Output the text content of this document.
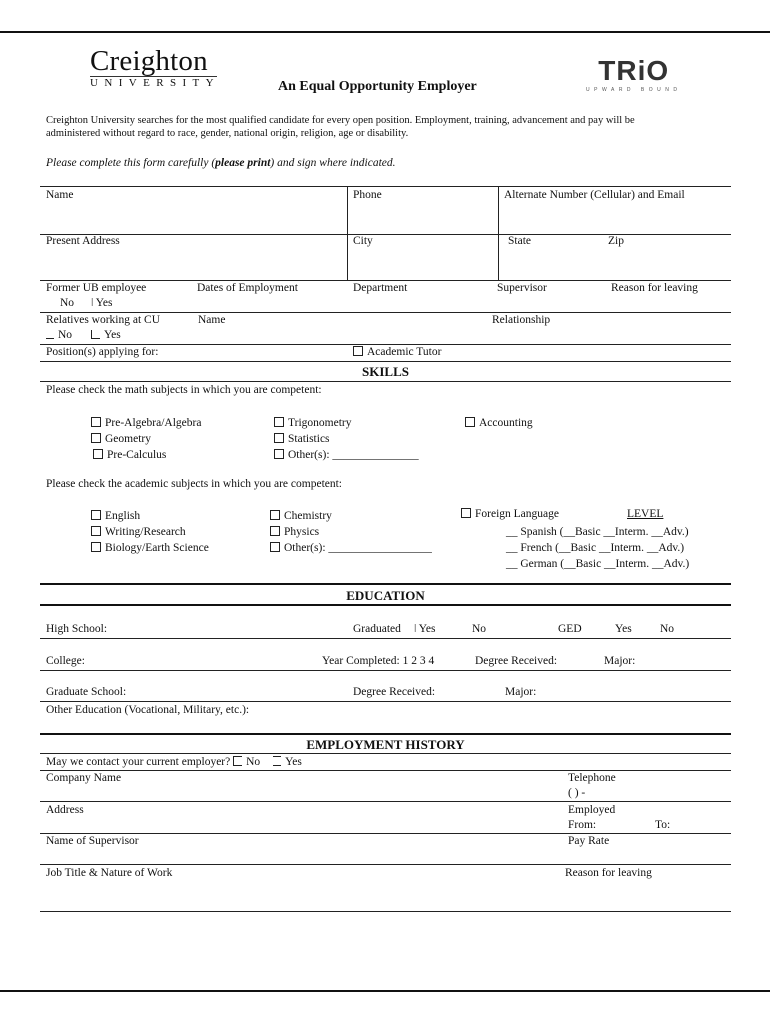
Creighton
UNIVERSITY	An Equal Opportunity Employer
TRiO
UPWARD BOUND
Creighton University searches for the most qualified candidate for every open position. Employment, training, advancement and pay will be
administered without regard to race, gender, national origin, religion, age or disability.
Please complete this form carefully (please print) and sign where indicated.
Name	Phone	Alternate Number (Cellular) and Email
Present Address	City	State	Zip
Former UB employee	Dates of Employment	Department	Supervisor	Reason for leaving
No ǀ Yes
Relatives working at CU	Name	Relationship
No	Yes
Position(s) applying for:	Academic Tutor
SKILLS
Please check the math subjects in which you are competent:
Pre-Algebra/Algebra
Geometry
Pre-Calculus
Trigonometry
Statistics
Other(s): _______________
Accounting
Please check the academic subjects in which you are competent:
English
Writing/Research
Biology/Earth Science
Chemistry
Physics
Other(s): __________________
Foreign Language	LEVEL
__ Spanish (__Basic __Interm. __Adv.)
__ French (__Basic __Interm. __Adv.)
__ German (__Basic __Interm. __Adv.)
EDUCATION
High School:	Graduated ǀ Yes	No	GED	Yes No
College:	Year Completed: 1 2 3 4	Degree Received:	Major:
Graduate School:	Degree Received:	Major:
Other Education (Vocational, Military, etc.):
EMPLOYMENT HISTORY
May we contact your current employer? No Yes
Company Name	Telephone
( ) -
Address	Employed
From:	To:
Name of Supervisor	Pay Rate
Job Title & Nature of Work	Reason for leaving
